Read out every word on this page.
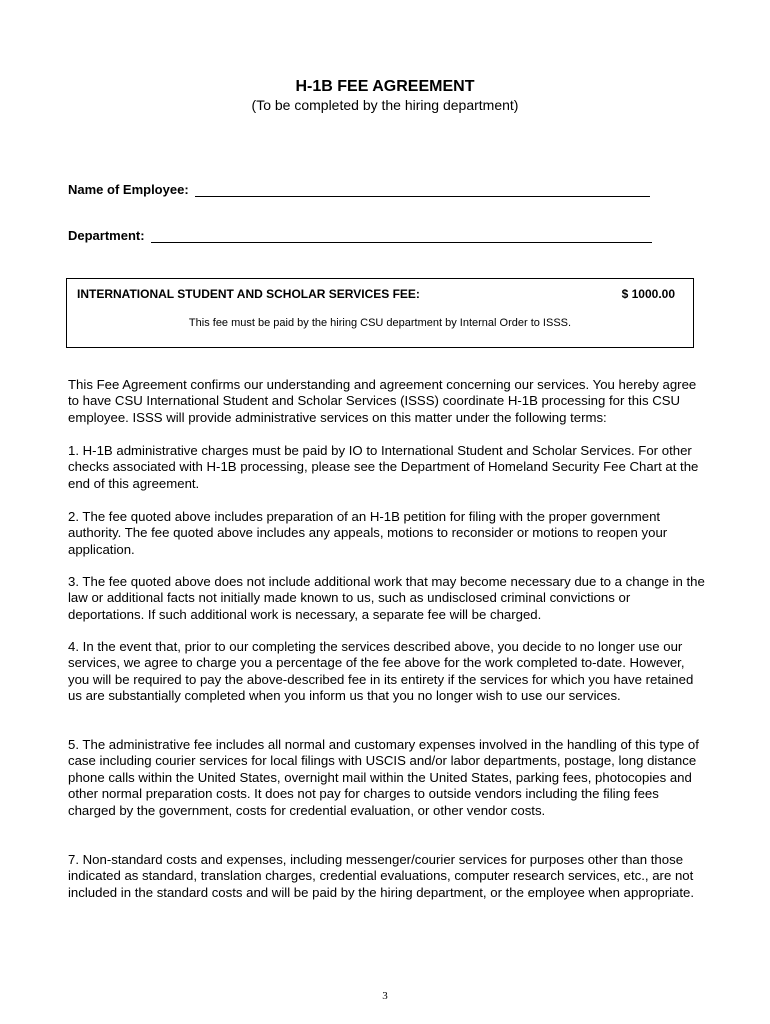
H-1B FEE AGREEMENT
(To be completed by the hiring department)
Name of Employee:
Department:
INTERNATIONAL STUDENT AND SCHOLAR SERVICES FEE:	$ 1000.00
This fee must be paid by the hiring CSU department by Internal Order to ISSS.

This Fee Agreement confirms our understanding and agreement concerning our services. You hereby agree to have CSU International Student and Scholar Services (ISSS) coordinate H-1B processing for this CSU employee. ISSS will provide administrative services on this matter under the following terms:

1. H-1B administrative charges must be paid by IO to International Student and Scholar Services. For other checks associated with H-1B processing, please see the Department of Homeland Security Fee Chart at the end of this agreement.

2. The fee quoted above includes preparation of an H-1B petition for filing with the proper government authority. The fee quoted above includes any appeals, motions to reconsider or motions to reopen your application.

3. The fee quoted above does not include additional work that may become necessary due to a change in the law or additional facts not initially made known to us, such as undisclosed criminal convictions or deportations. If such additional work is necessary, a separate fee will be charged.

4. In the event that, prior to our completing the services described above, you decide to no longer use our services, we agree to charge you a percentage of the fee above for the work completed to-date. However, you will be required to pay the above-described fee in its entirety if the services for which you have retained us are substantially completed when you inform us that you no longer wish to use our services.

5. The administrative fee includes all normal and customary expenses involved in the handling of this type of case including courier services for local filings with USCIS and/or labor departments, postage, long distance phone calls within the United States, overnight mail within the United States, parking fees, photocopies and other normal preparation costs. It does not pay for charges to outside vendors including the filing fees charged by the government, costs for credential evaluation, or other vendor costs.

7. Non-standard costs and expenses, including messenger/courier services for purposes other than those indicated as standard, translation charges, credential evaluations, computer research services, etc., are not included in the standard costs and will be paid by the hiring department, or the employee when appropriate.

3
